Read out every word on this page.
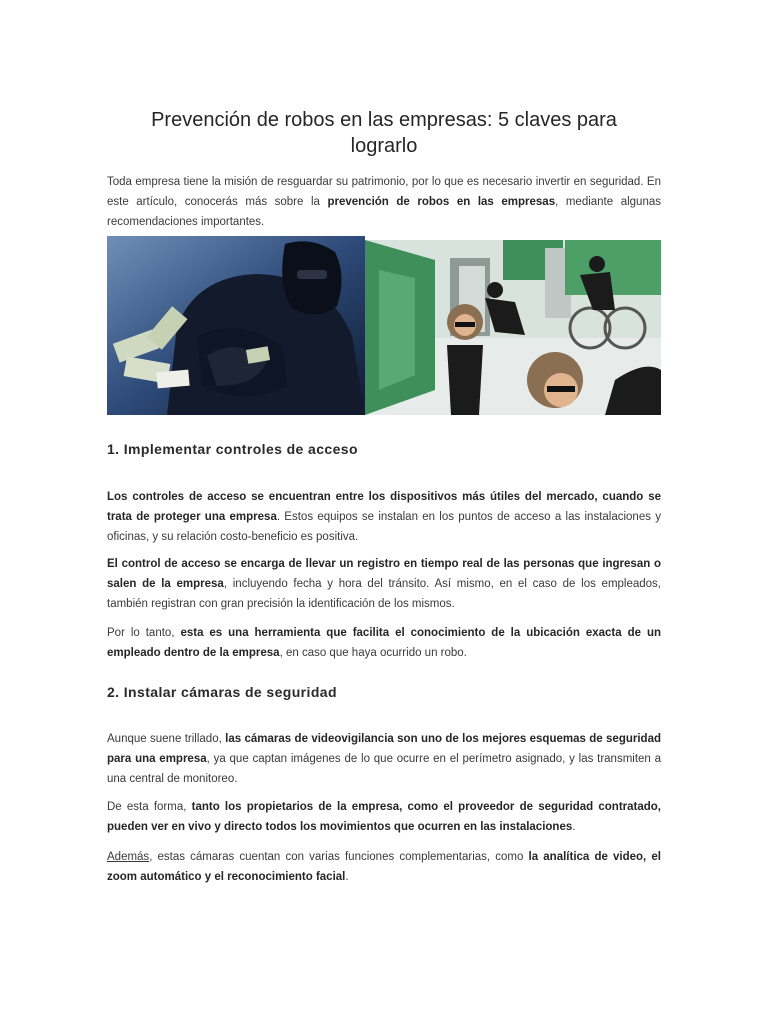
Prevención de robos en las empresas: 5 claves para lograrlo

Toda empresa tiene la misión de resguardar su patrimonio, por lo que es necesario invertir en seguridad. En este artículo, conocerás más sobre la prevención de robos en las empresas, mediante algunas recomendaciones importantes.

1. Implementar controles de acceso

Los controles de acceso se encuentran entre los dispositivos más útiles del mercado, cuando se trata de proteger una empresa. Estos equipos se instalan en los puntos de acceso a las instalaciones y oficinas, y su relación costo-beneficio es positiva.

El control de acceso se encarga de llevar un registro en tiempo real de las personas que ingresan o salen de la empresa, incluyendo fecha y hora del tránsito. Así mismo, en el caso de los empleados, también registran con gran precisión la identificación de los mismos.

Por lo tanto, esta es una herramienta que facilita el conocimiento de la ubicación exacta de un empleado dentro de la empresa, en caso que haya ocurrido un robo.

2. Instalar cámaras de seguridad

Aunque suene trillado, las cámaras de videovigilancia son uno de los mejores esquemas de seguridad para una empresa, ya que captan imágenes de lo que ocurre en el perímetro asignado, y las transmiten a una central de monitoreo.

De esta forma, tanto los propietarios de la empresa, como el proveedor de seguridad contratado, pueden ver en vivo y directo todos los movimientos que ocurren en las instalaciones.

Además, estas cámaras cuentan con varias funciones complementarias, como la analítica de video, el zoom automático y el reconocimiento facial.
